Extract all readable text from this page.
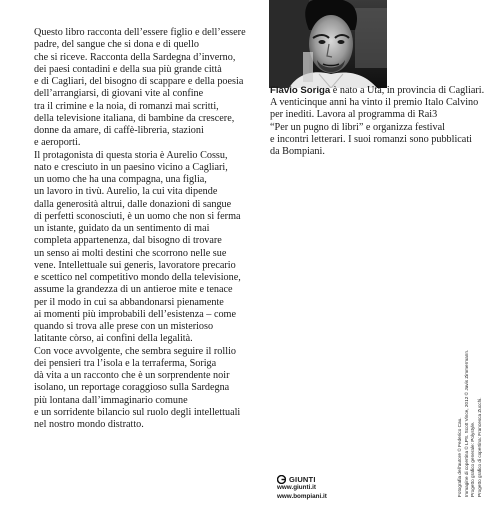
Questo libro racconta dell’essere figlio e dell’essere
padre, del sangue che si dona e di quello
che si riceve. Racconta della Sardegna d’inverno,
dei paesi contadini e della sua più grande città
e di Cagliari, del bisogno di scappare e della poesia
dell’arrangiarsi, di giovani vite al confine
tra il crimine e la noia, di romanzi mai scritti,
della televisione italiana, di bambine da crescere,
donne da amare, di caffè-libreria, stazioni
e aeroporti.
Il protagonista di questa storia è Aurelio Cossu,
nato e cresciuto in un paesino vicino a Cagliari,
un uomo che ha una compagna, una figlia,
un lavoro in tivù. Aurelio, la cui vita dipende
dalla generosità altrui, dalle donazioni di sangue
di perfetti sconosciuti, è un uomo che non si ferma
un istante, guidato da un sentimento di mai
completa appartenenza, dal bisogno di trovare
un senso ai molti destini che scorrono nelle sue
vene. Intellettuale sui generis, lavoratore precario
e scettico nel competitivo mondo della televisione,
assume la grandezza di un antieroe mite e tenace
per il modo in cui sa abbandonarsi pienamente
ai momenti più improbabili dell’esistenza – come
quando si trova alle prese con un misterioso
latitante còrso, ai confini della legalità.
Con voce avvolgente, che sembra seguire il rollio
dei pensieri tra l’isola e la terraferma, Soriga
dà vita a un racconto che è un sorprendente noir
isolano, un reportage coraggioso sulla Sardegna
più lontana dall’immaginario comune
e un sorridente bilancio sul ruolo degli intellettuali
nel nostro mondo distratto.
Flavio Soriga è nato a Uta, in provincia di Cagliari.
A venticinque anni ha vinto il premio Italo Calvino
per inediti. Lavora al programma di Rai3
“Per un pugno di libri” e organizza festival
e incontri letterari. I suoi romanzi sono pubblicati
da Bompiani.
GIUNTI
www.giunti.it
www.bompiani.it	Fotografia dell’autore © Federico Cau. Immagine di copertina © LPS. Scott Vince, 2012 © Javis Zimmermann. Progetto grafico generale: Polystyle. Progetto grafico di copertina: Francesca Zucchi.
